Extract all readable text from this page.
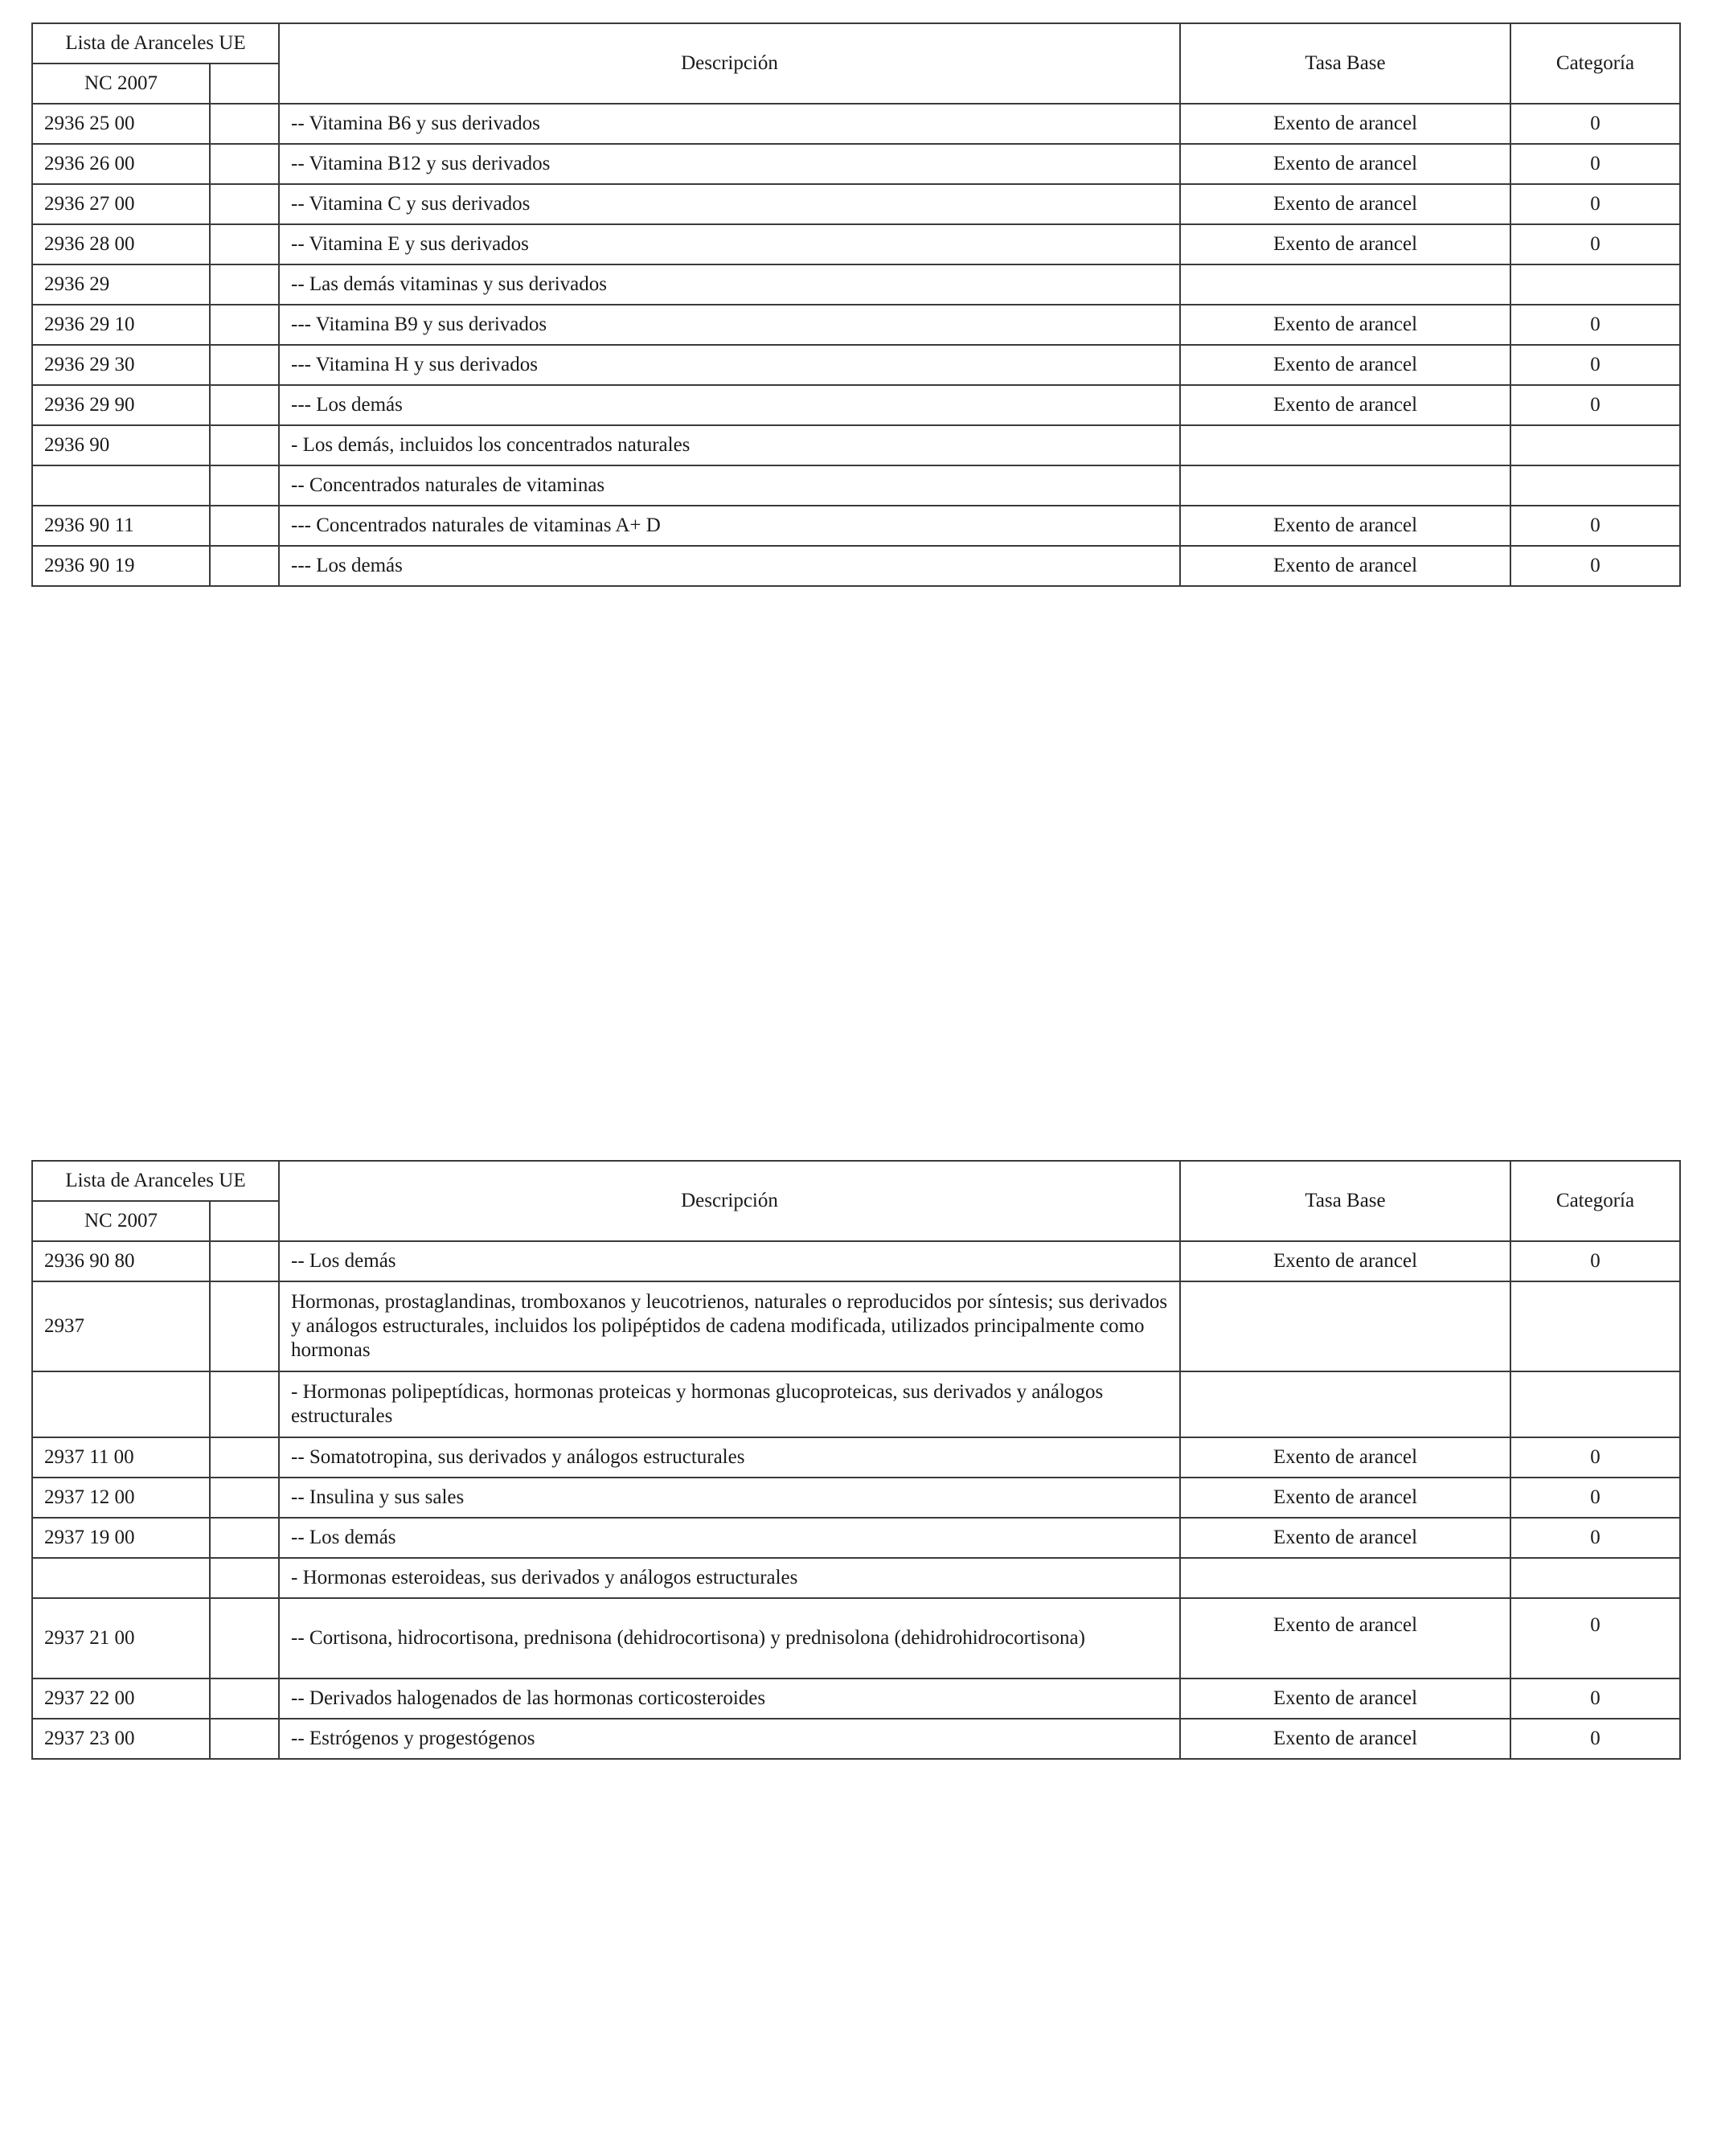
Lista de Aranceles UE		Descripción	Tasa Base	Categoría
NC 2007				
2936 25 00		-- Vitamina B6 y sus derivados	Exento de arancel	0
2936 26 00		-- Vitamina B12 y sus derivados	Exento de arancel	0
2936 27 00		-- Vitamina C y sus derivados	Exento de arancel	0
2936 28 00		-- Vitamina E y sus derivados	Exento de arancel	0
2936 29		-- Las demás vitaminas y sus derivados		
2936 29 10		--- Vitamina B9 y sus derivados	Exento de arancel	0
2936 29 30		--- Vitamina H y sus derivados	Exento de arancel	0
2936 29 90		--- Los demás	Exento de arancel	0
2936 90		- Los demás, incluidos los concentrados naturales		
		-- Concentrados naturales de vitaminas		
2936 90 11		--- Concentrados naturales de vitaminas A+ D	Exento de arancel	0
2936 90 19		--- Los demás	Exento de arancel	0
Lista de Aranceles UE		Descripción	Tasa Base	Categoría
NC 2007				
2936 90 80		-- Los demás	Exento de arancel	0
2937		Hormonas, prostaglandinas, tromboxanos y leucotrienos, naturales o reproducidos por síntesis; sus derivados y análogos estructurales, incluidos los polipéptidos de cadena modificada, utilizados principalmente como hormonas		
		- Hormonas polipeptídicas, hormonas proteicas y hormonas glucoproteicas, sus derivados y análogos estructurales		
2937 11 00		-- Somatotropina, sus derivados y análogos estructurales	Exento de arancel	0
2937 12 00		-- Insulina y sus sales	Exento de arancel	0
2937 19 00		-- Los demás	Exento de arancel	0
		- Hormonas esteroideas, sus derivados y análogos estructurales		
2937 21 00		-- Cortisona, hidrocortisona, prednisona (dehidrocortisona) y prednisolona (dehidrohidrocortisona)	Exento de arancel	0
2937 22 00		-- Derivados halogenados de las hormonas corticosteroides	Exento de arancel	0
2937 23 00		-- Estrógenos y progestógenos	Exento de arancel	0
